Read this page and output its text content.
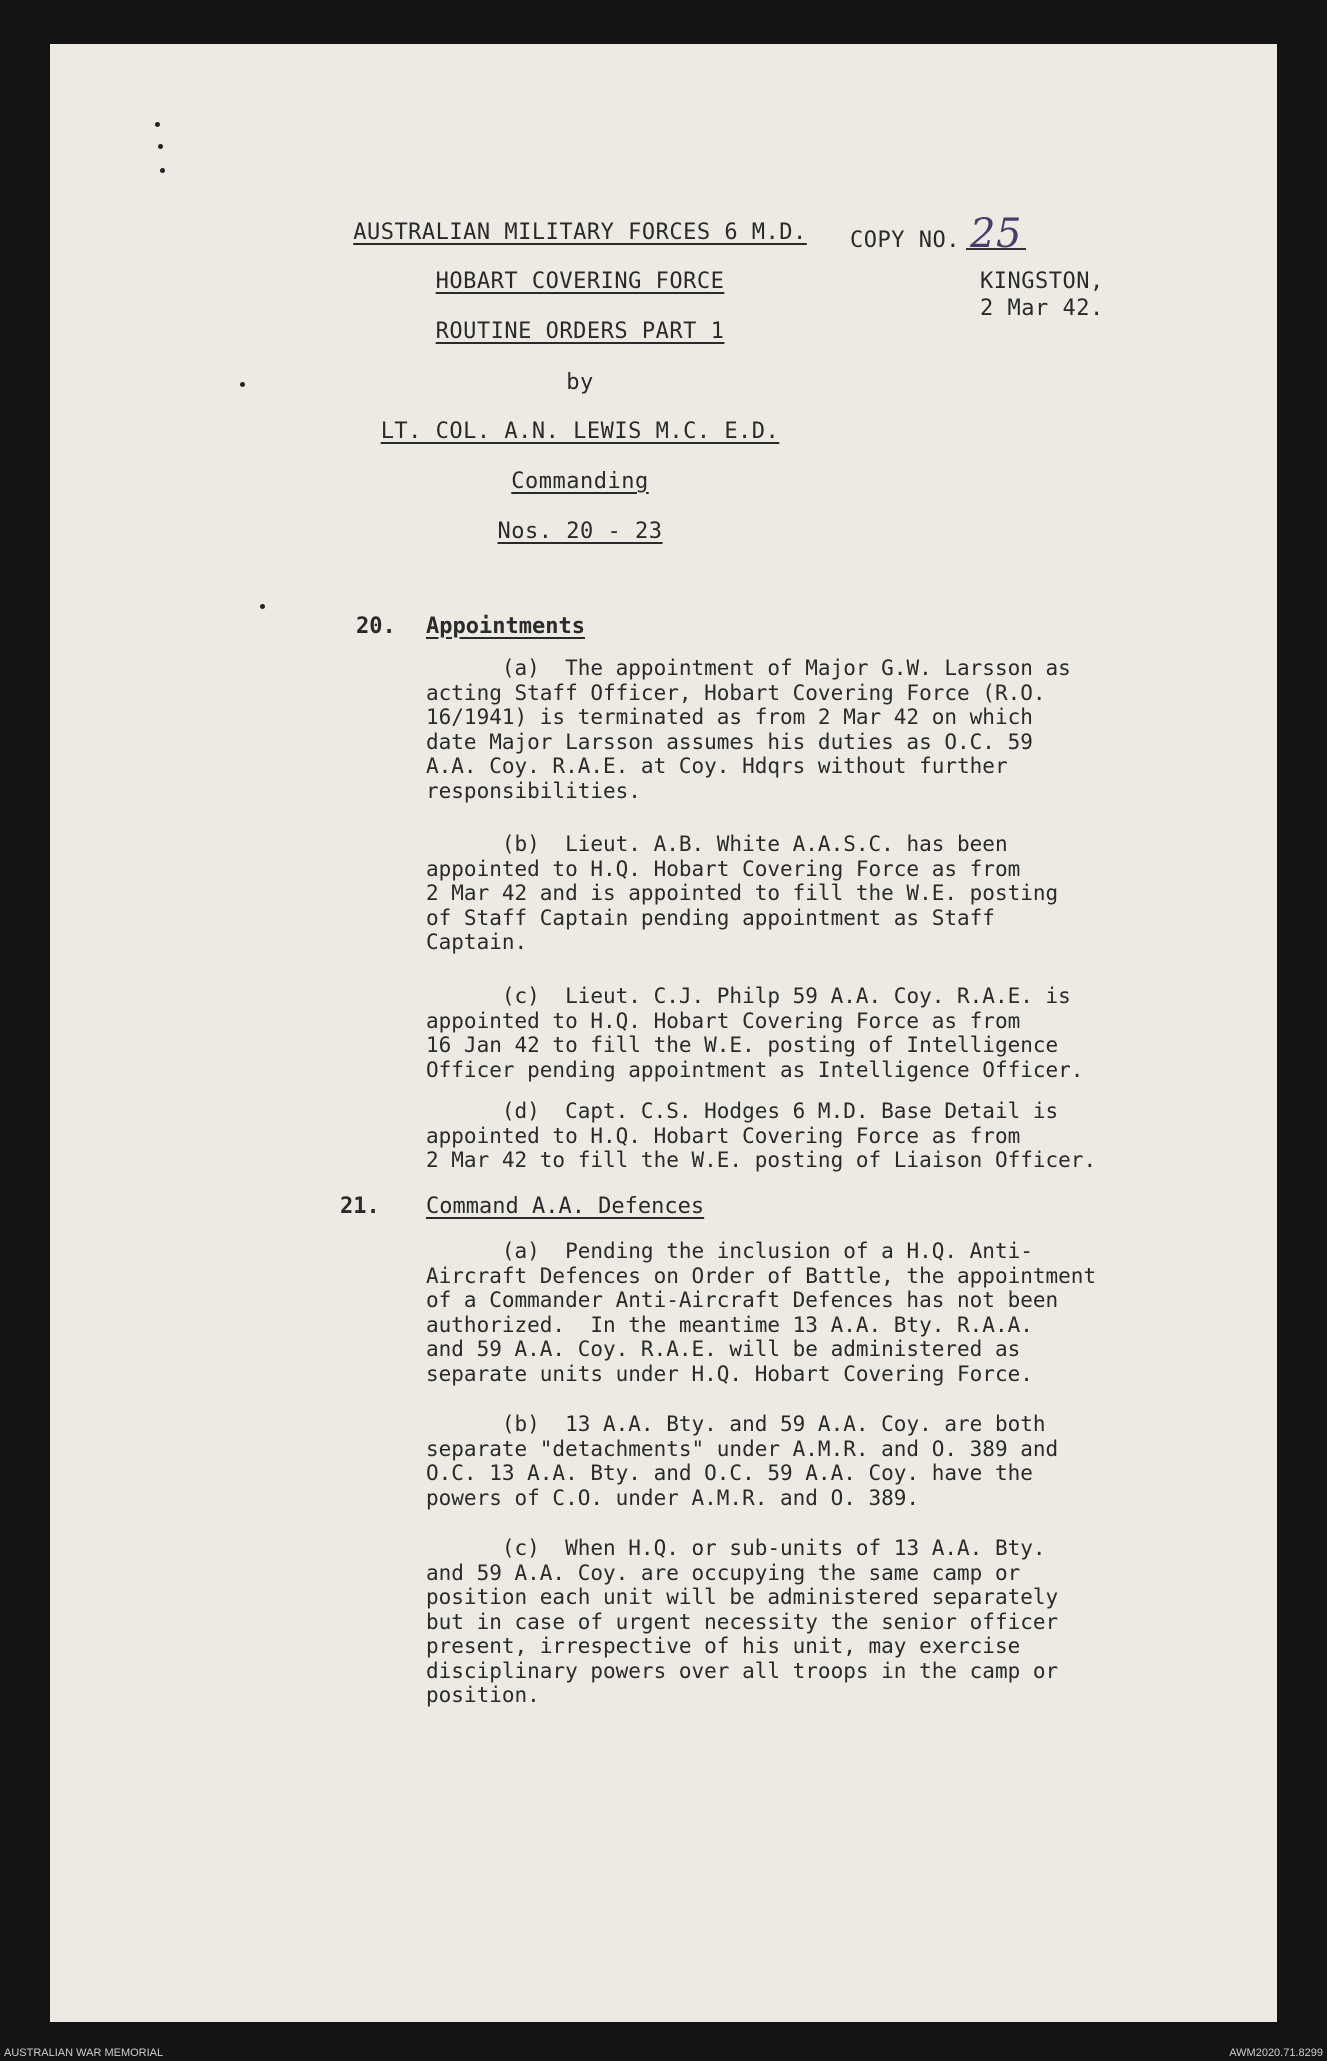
AUSTRALIAN MILITARY FORCES 6 M.D.
HOBART COVERING FORCE
ROUTINE ORDERS PART 1
by
LT. COL. A.N. LEWIS M.C. E.D.
Commanding
Nos. 20 - 23
COPY NO. 25
KINGSTON,
2 Mar 42.
20. Appointments

(a)  The appointment of Major G.W. Larsson as
acting Staff Officer, Hobart Covering Force (R.O.
16/1941) is terminated as from 2 Mar 42 on which
date Major Larsson assumes his duties as O.C. 59
A.A. Coy. R.A.E. at Coy. Hdqrs without further
responsibilities.

(b)  Lieut. A.B. White A.A.S.C. has been
appointed to H.Q. Hobart Covering Force as from
2 Mar 42 and is appointed to fill the W.E. posting
of Staff Captain pending appointment as Staff
Captain.

(c)  Lieut. C.J. Philp 59 A.A. Coy. R.A.E. is
appointed to H.Q. Hobart Covering Force as from
16 Jan 42 to fill the W.E. posting of Intelligence
Officer pending appointment as Intelligence Officer.

(d)  Capt. C.S. Hodges 6 M.D. Base Detail is
appointed to H.Q. Hobart Covering Force as from
2 Mar 42 to fill the W.E. posting of Liaison Officer.

21. Command A.A. Defences

(a)  Pending the inclusion of a H.Q. Anti-
Aircraft Defences on Order of Battle, the appointment
of a Commander Anti-Aircraft Defences has not been
authorized.  In the meantime 13 A.A. Bty. R.A.A.
and 59 A.A. Coy. R.A.E. will be administered as
separate units under H.Q. Hobart Covering Force.

(b)  13 A.A. Bty. and 59 A.A. Coy. are both
separate "detachments" under A.M.R. and O. 389 and
O.C. 13 A.A. Bty. and O.C. 59 A.A. Coy. have the
powers of C.O. under A.M.R. and O. 389.

(c)  When H.Q. or sub-units of 13 A.A. Bty.
and 59 A.A. Coy. are occupying the same camp or
position each unit will be administered separately
but in case of urgent necessity the senior officer
present, irrespective of his unit, may exercise
disciplinary powers over all troops in the camp or
position.

AUSTRALIAN WAR MEMORIAL	AWM2020.71.8299
